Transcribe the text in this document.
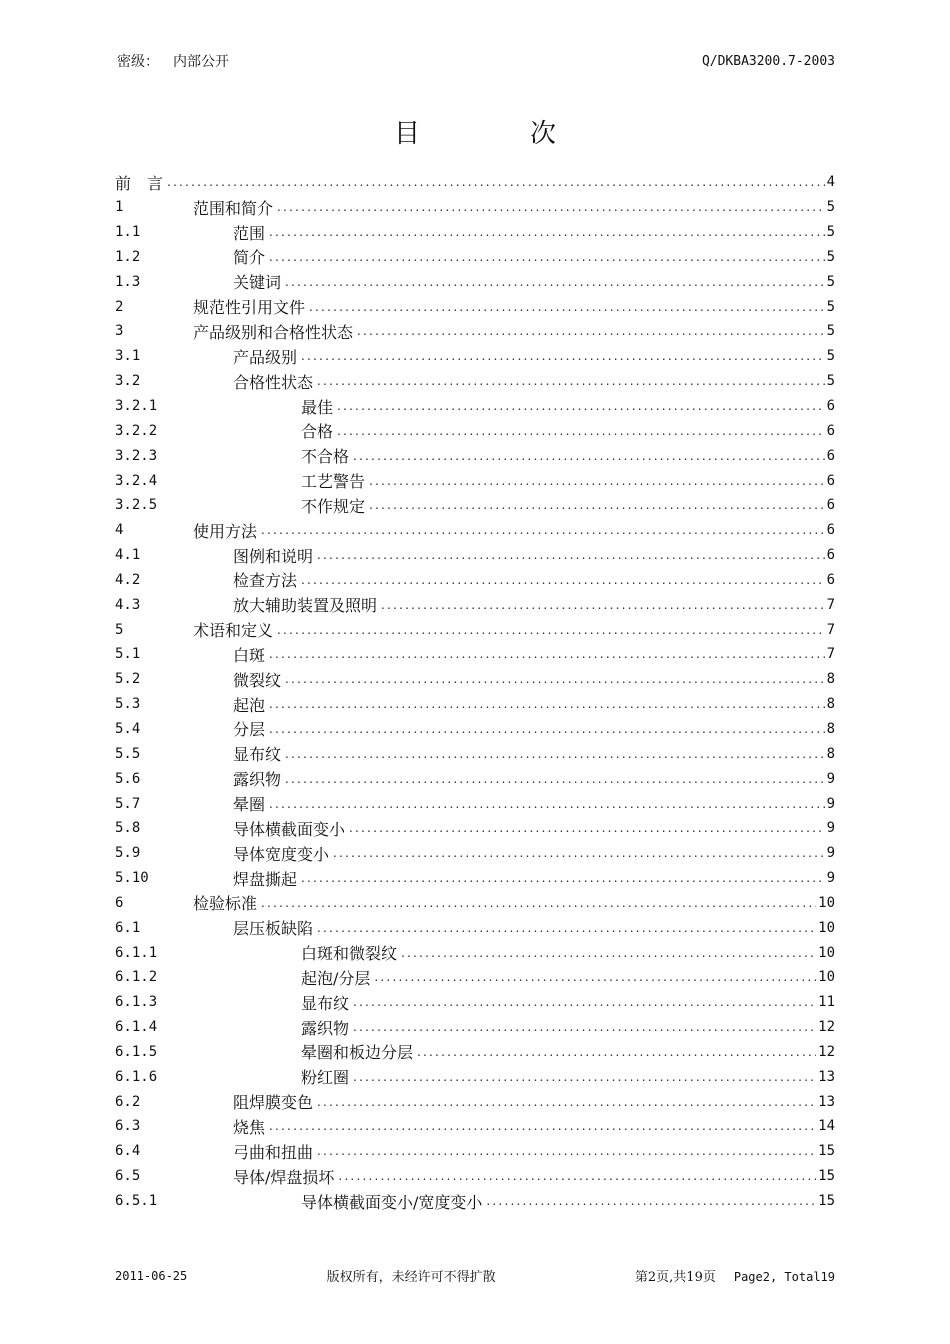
密级： 内部公开	Q/DKBA3200.7-2003
目	次
前　言 .....	4
1	范围和简介 .....	5
1.1	范围 .....	5
1.2	简介 .....	5
1.3	关键词 .....	5
2	规范性引用文件 .....	5
3	产品级别和合格性状态 .....	5
3.1	产品级别 .....	5
3.2	合格性状态 .....	5
3.2.1	最佳 .....	6
3.2.2	合格 .....	6
3.2.3	不合格 .....	6
3.2.4	工艺警告 .....	6
3.2.5	不作规定 .....	6
4	使用方法 .....	6
4.1	图例和说明 .....	6
4.2	检查方法 .....	6
4.3	放大辅助装置及照明 .....	7
5	术语和定义 .....	7
5.1	白斑 .....	7
5.2	微裂纹 .....	8
5.3	起泡 .....	8
5.4	分层 .....	8
5.5	显布纹 .....	8
5.6	露织物 .....	9
5.7	晕圈 .....	9
5.8	导体横截面变小 .....	9
5.9	导体宽度变小 .....	9
5.10	焊盘撕起 .....	9
6	检验标准 .....	10
6.1	层压板缺陷 .....	10
6.1.1	白斑和微裂纹 .....	10
6.1.2	起泡/分层 .....	10
6.1.3	显布纹 .....	11
6.1.4	露织物 .....	12
6.1.5	晕圈和板边分层 .....	12
6.1.6	粉红圈 .....	13
6.2	阻焊膜变色 .....	13
6.3	烧焦 .....	14
6.4	弓曲和扭曲 .....	15
6.5	导体/焊盘损坏 .....	15
6.5.1	导体横截面变小/宽度变小 .....	15
2011-06-25	版权所有，未经许可不得扩散	第2页,共19页 Page2, Total19
